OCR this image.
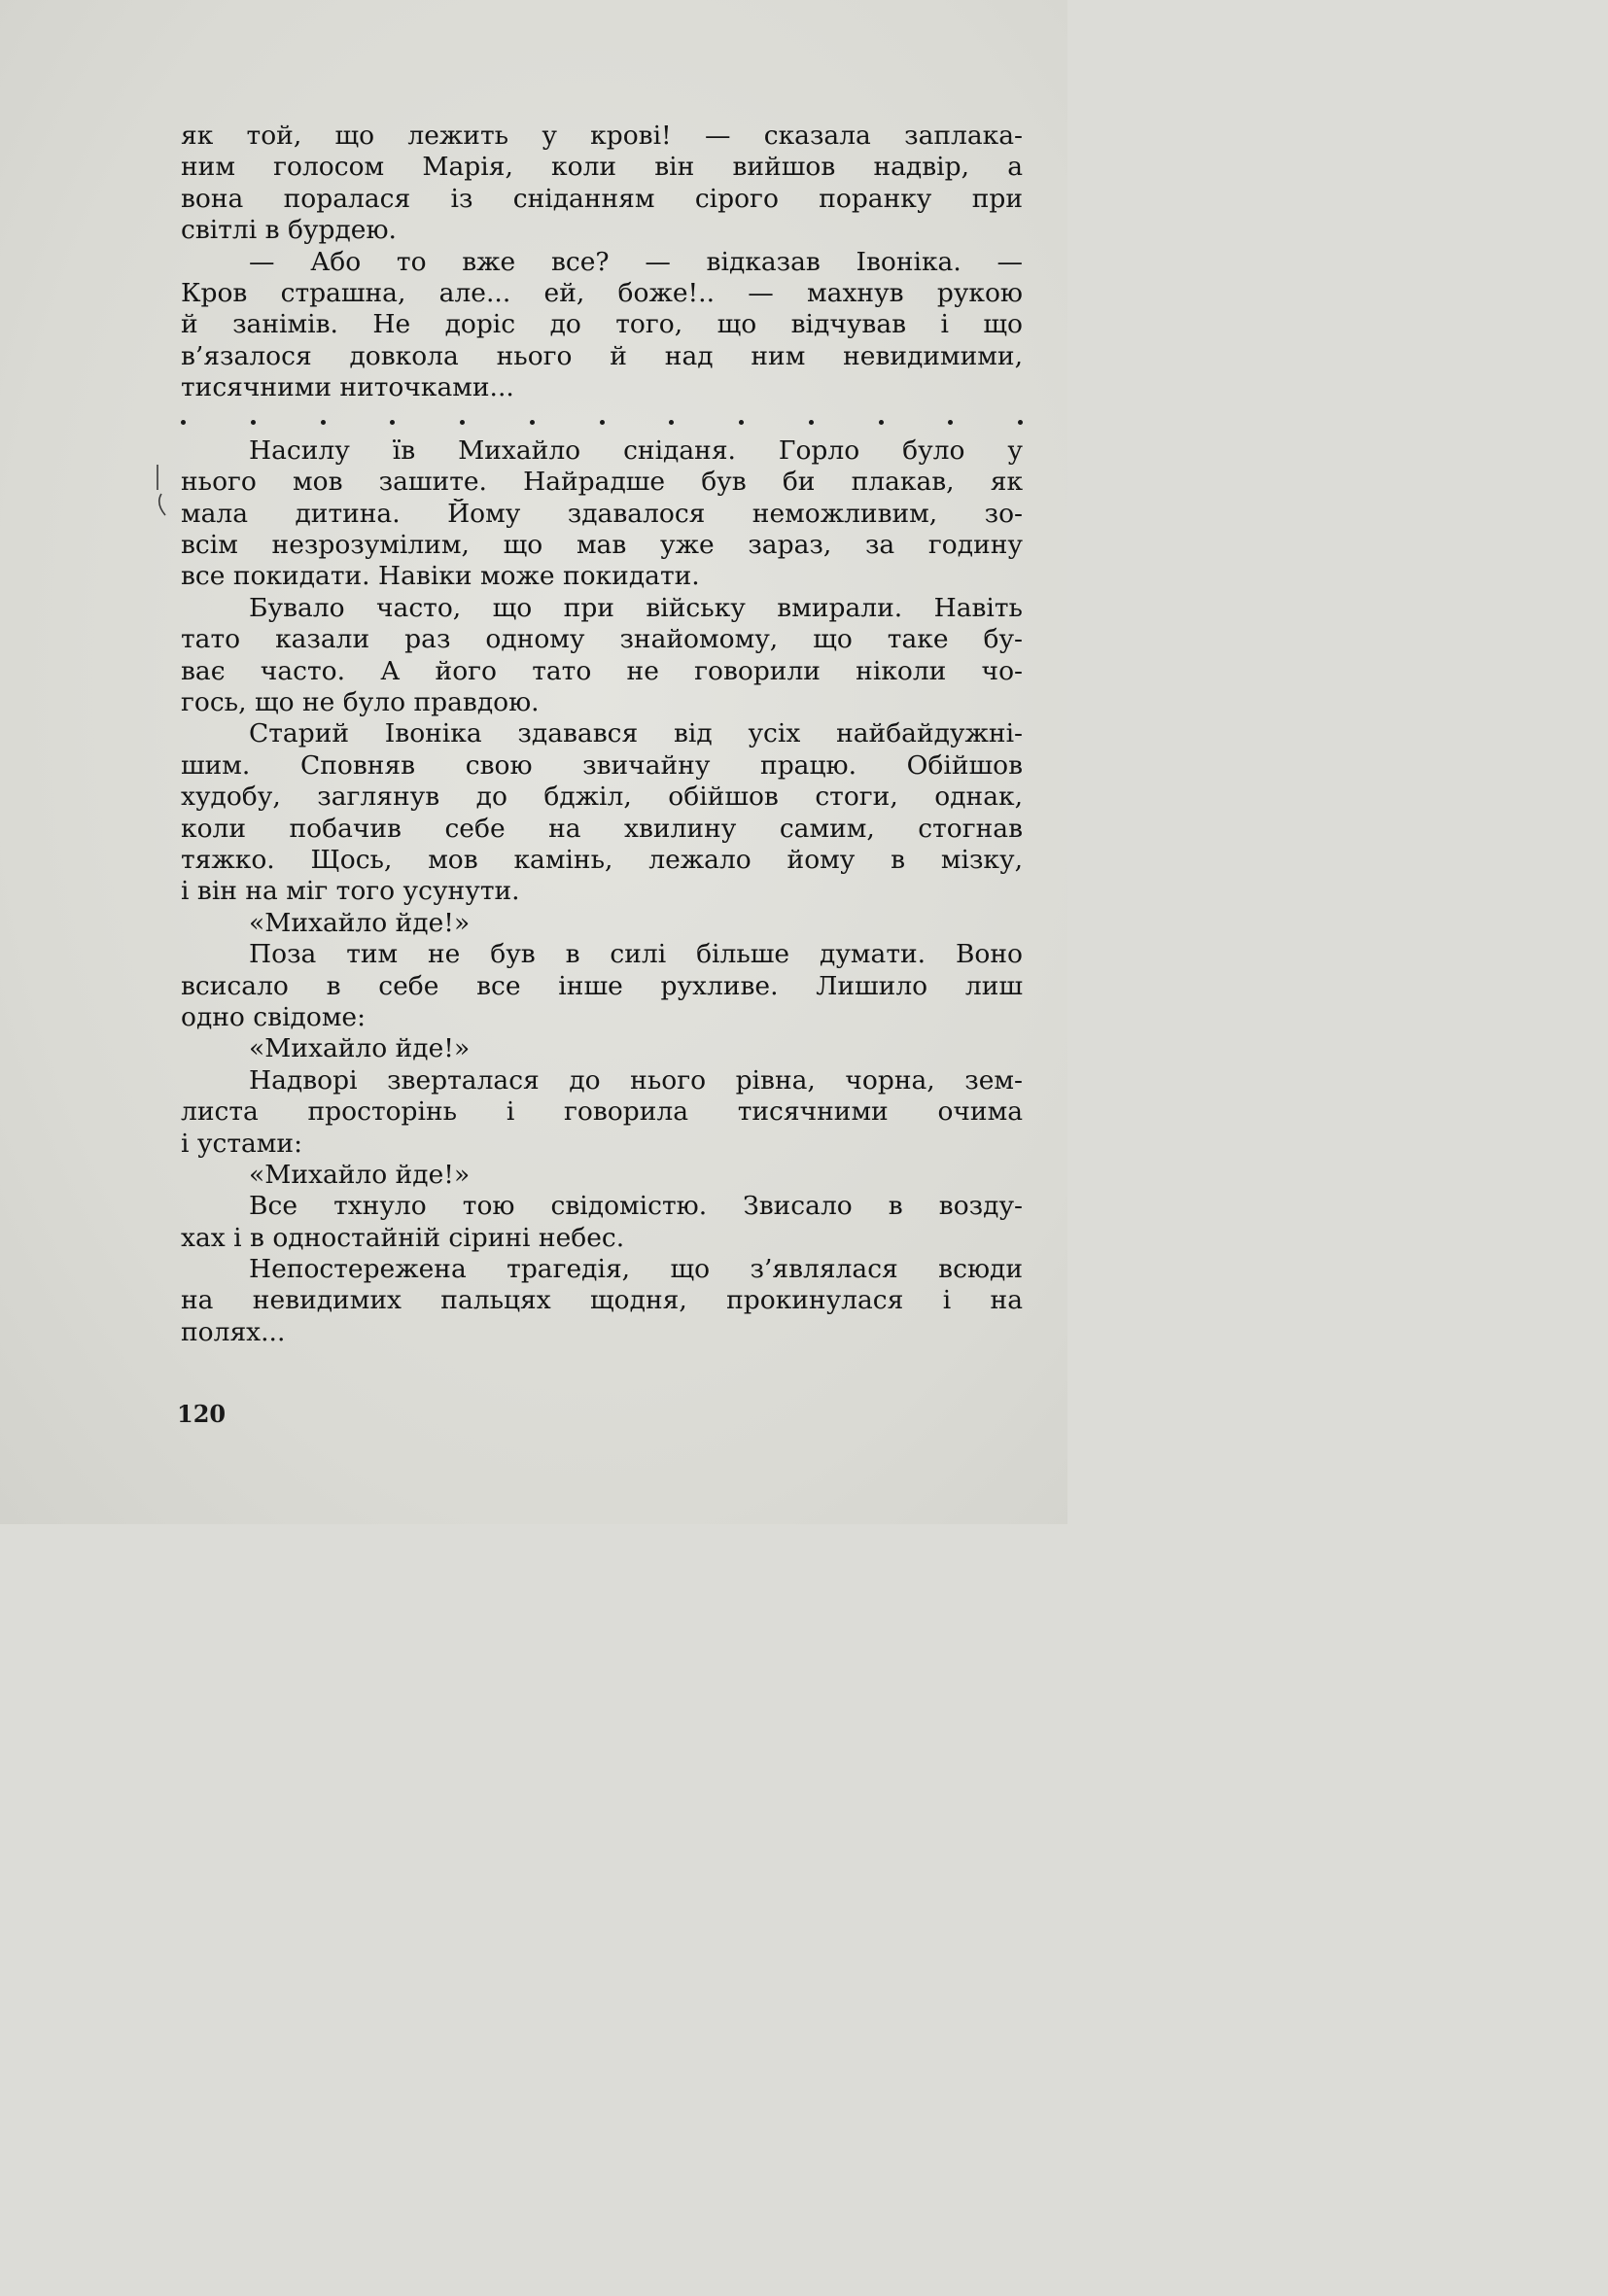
як той, що лежить у крові! — сказала заплака-
ним голосом Марія, коли він вийшов надвір, а
вона поралася із сніданням сірого поранку при
світлі в бурдею.
— Або то вже все? — відказав Івоніка. —
Кров страшна, але... ей, боже!.. — махнув рукою
й занімів. Не доріс до того, що відчував і що
в’язалося довкола нього й над ним невидимими,
тисячними ниточками...
Насилу їв Михайло сніданя. Горло було у
нього мов зашите. Найрадше був би плакав, як
мала дитина. Йому здавалося неможливим, зо-
всім незрозумілим, що мав уже зараз, за годину
все покидати. Навіки може покидати.
Бувало часто, що при війську вмирали. Навіть
тато казали раз одному знайомому, що таке бу-
ває часто. А його тато не говорили ніколи чо-
гось, що не було правдою.
Старий Івоніка здавався від усіх найбайдужні-
шим. Сповняв свою звичайну працю. Обійшов
худобу, заглянув до бджіл, обійшов стоги, однак,
коли побачив себе на хвилину самим, стогнав
тяжко. Щось, мов камінь, лежало йому в мізку,
і він на міг того усунути.
«Михайло йде!»
Поза тим не був в силі більше думати. Воно
всисало в себе все інше рухливе. Лишило лиш
одно свідоме:
«Михайло йде!»
Надворі зверталася до нього рівна, чорна, зем-
листа просторінь і говорила тисячними очима
і устами:
«Михайло йде!»
Все тхнуло тою свідомістю. Звисало в возду-
хах і в одностайній сірині небес.
Непостережена трагедія, що з’являлася всюди
на невидимих пальцях щодня, прокинулася і на
полях...
120
